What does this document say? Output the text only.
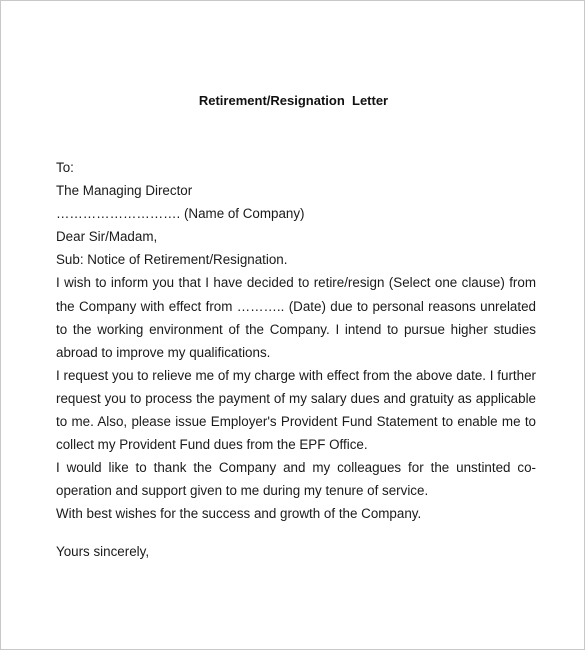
Retirement/Resignation  Letter
To:
The Managing Director
………………………. (Name of Company)
Dear Sir/Madam,
Sub: Notice of Retirement/Resignation.
I wish to inform you that I have decided to retire/resign (Select one clause) from
the Company with effect from ……….. (Date) due to personal reasons unrelated
to the working environment of the Company. I intend to pursue higher studies
abroad to improve my qualifications.
I request you to relieve me of my charge with effect from the above date. I further
request you to process the payment of my salary dues and gratuity as applicable
to me. Also, please issue Employer's Provident Fund Statement to enable me to
collect my Provident Fund dues from the EPF Office.
I would like to thank the Company and my colleagues for the unstinted co-
operation and support given to me during my tenure of service.
With best wishes for the success and growth of the Company.
Yours sincerely,
